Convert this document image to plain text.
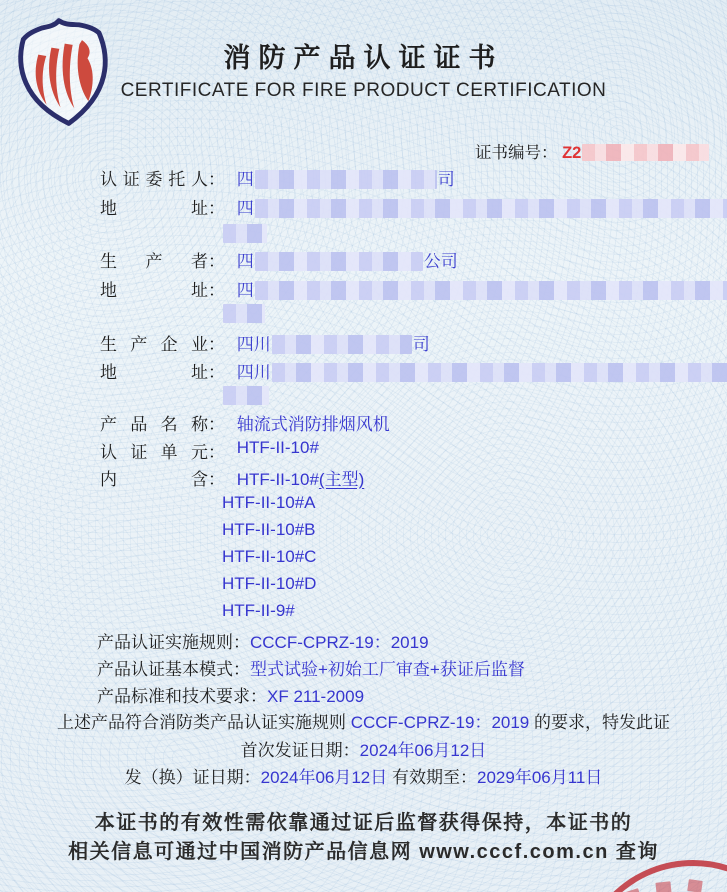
消防产品认证证书
CERTIFICATE FOR FIRE PRODUCT CERTIFICATION
证书编号： Z2
认证委托人： 四	司
地址： 四
生产者： 四	公司
地址： 四
生产企业： 四川	司
地址： 四川
产品名称： 轴流式消防排烟风机
认证单元： HTF-II-10#
内含： HTF-II-10#(主型)
HTF-II-10#A
HTF-II-10#B
HTF-II-10#C
HTF-II-10#D
HTF-II-9#
产品认证实施规则：CCCF-CPRZ-19：2019
产品认证基本模式：型式试验+初始工厂审查+获证后监督
产品标准和技术要求：XF 211-2009
上述产品符合消防类产品认证实施规则 CCCF-CPRZ-19：2019 的要求，特发此证
首次发证日期：2024年06月12日
发（换）证日期：2024年06月12日 有效期至：2029年06月11日
本证书的有效性需依靠通过证后监督获得保持，本证书的
相关信息可通过中国消防产品信息网 www.cccf.com.cn 查询
